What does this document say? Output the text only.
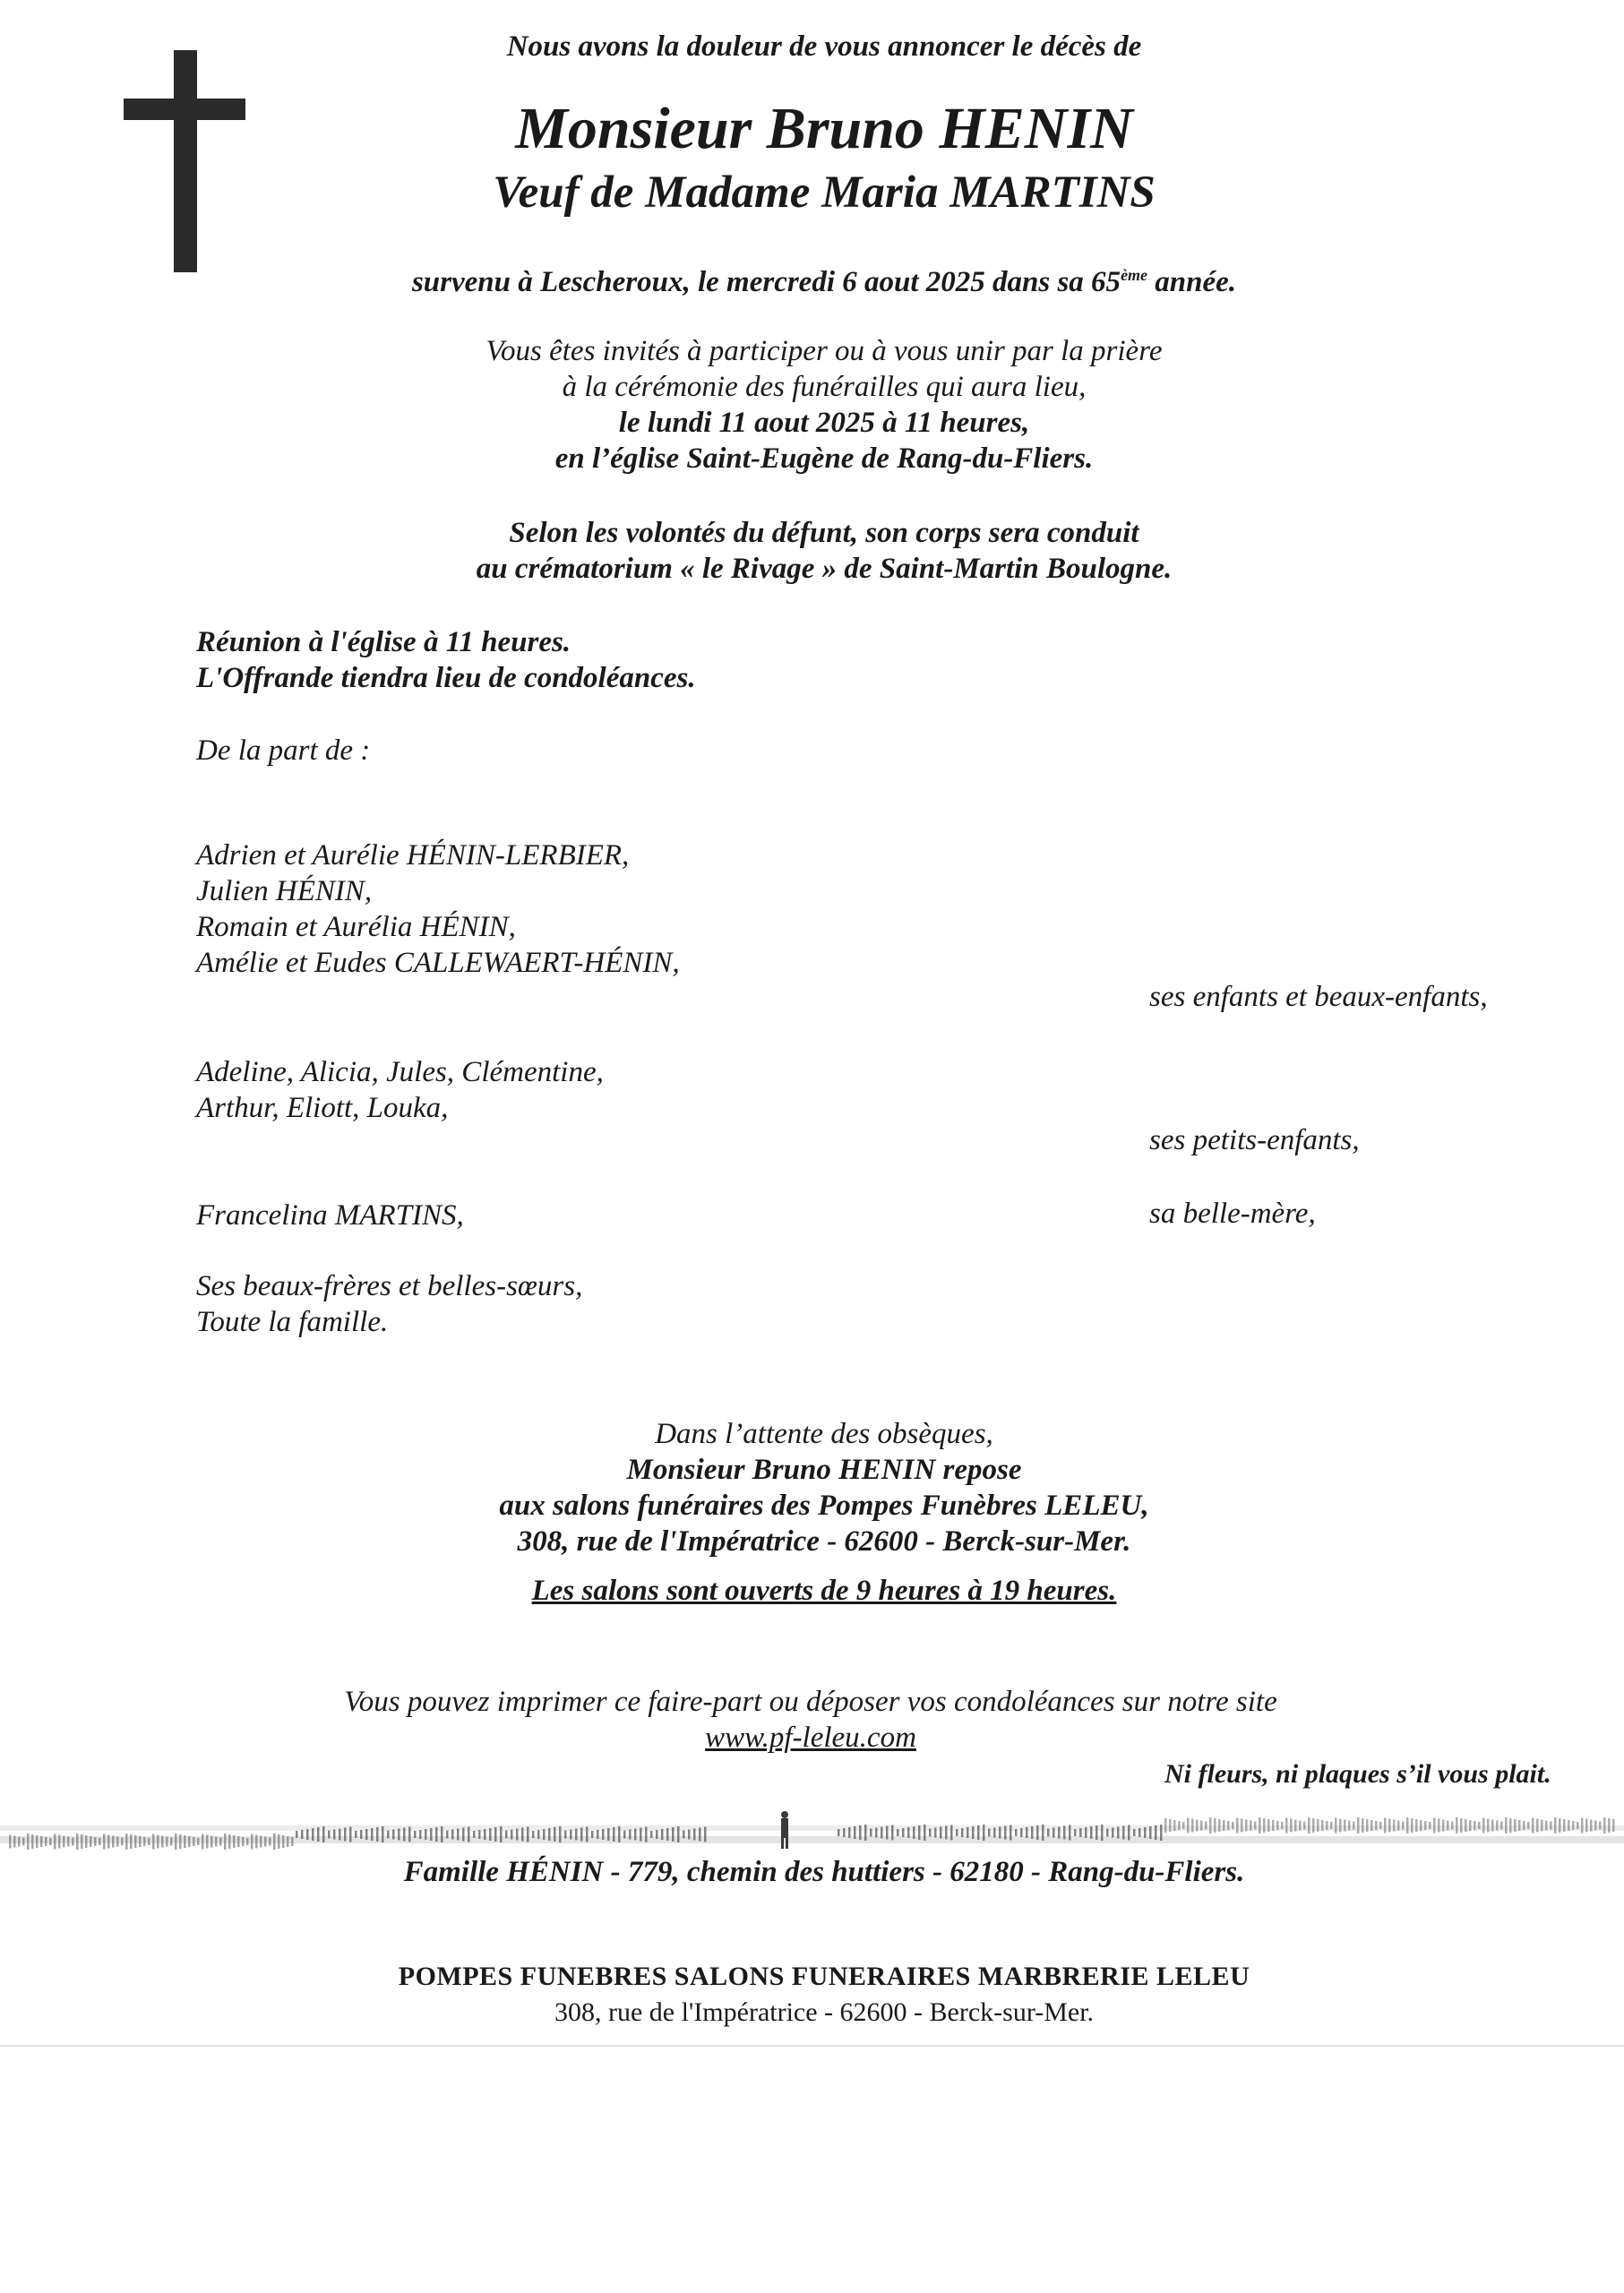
Nous avons la douleur de vous annoncer le décès de
Monsieur Bruno HENIN
Veuf de Madame Maria MARTINS
survenu à Lescheroux, le mercredi 6 aout 2025 dans sa 65ème année.
Vous êtes invités à participer ou à vous unir par la prière
à la cérémonie des funérailles qui aura lieu,
le lundi 11 aout 2025 à 11 heures,
en l’église Saint-Eugène de Rang-du-Fliers.
Selon les volontés du défunt, son corps sera conduit
au crématorium « le Rivage » de Saint-Martin Boulogne.
Réunion à l'église à 11 heures.
L'Offrande tiendra lieu de condoléances.
De la part de :
Adrien et Aurélie HÉNIN-LERBIER,
Julien HÉNIN,
Romain et Aurélia HÉNIN,
Amélie et Eudes CALLEWAERT-HÉNIN,
ses enfants et beaux-enfants,
Adeline, Alicia, Jules, Clémentine,
Arthur, Eliott, Louka,
ses petits-enfants,
Francelina MARTINS,	sa belle-mère,
Ses beaux-frères et belles-sœurs,
Toute la famille.
Dans l’attente des obsèques,
Monsieur Bruno HENIN repose
aux salons funéraires des Pompes Funèbres LELEU,
308, rue de l'Impératrice - 62600 - Berck-sur-Mer.
Les salons sont ouverts de 9 heures à 19 heures.
Vous pouvez imprimer ce faire-part ou déposer vos condoléances sur notre site
www.pf-leleu.com
Ni fleurs, ni plaques s’il vous plait.
Famille HÉNIN - 779, chemin des huttiers - 62180 - Rang-du-Fliers.
POMPES FUNEBRES SALONS FUNERAIRES MARBRERIE LELEU
308, rue de l'Impératrice - 62600 - Berck-sur-Mer.
